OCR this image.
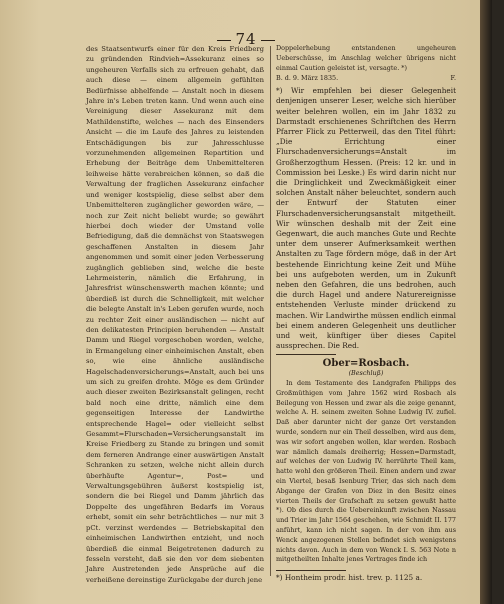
74

des Staatsentwurfs einer für den Kreis Friedberg zu gründenden Rindvieh=Assekuranz eines so ungeheuren Verfalls sich zu erfreuen gehabt, daß auch diese — einem allgemein gefühlten Bedürfnisse abhelfende — Anstalt noch in diesem Jahre in's Leben treten kann. Und wenn auch eine Vereinigung dieser Assekuranz mit dem Mathildenstifte, welches — nach des Einsenders Ansicht — die im Laufe des Jahres zu leistenden Entschädigungen bis zur Jahresschlusse vorzunehmenden allgemeinen Repartition und Erhebung der Beiträge dem Unbemittelteren leihweise hätte verabreichen können, so daß die Verwaltung der fraglichen Assekuranz einfacher und weniger kostspielig, diese selbst aber dem Unbemittelteren zugänglicher geworden wäre, — noch zur Zeit nicht beliebt wurde; so gewährt hierbei doch wieder der Umstand volle Befriedigung, daß die demnächst von Staatswegen geschaffenen Anstalten in diesem Jahr angenommen und somit einer jeden Verbesserung zugänglich geblieben sind, welche die beste Lehrmeisterin, nämlich die Erfahrung, in Jahresfrist wünschenswerth machen könnte; und überdieß ist durch die Schnelligkeit, mit welcher die belegte Anstalt in's Leben gerufen wurde, noch zu rechter Zeit einer ausländischen — nicht auf den delikatesten Principien beruhenden — Anstalt Damm und Riegel vorgeschoben worden, welche, in Ermangelung einer einheimischen Anstalt, eben so, wie eine ähnliche ausländische Hagelschadenversicherungs=Anstalt, auch bei uns um sich zu greifen drohte. Möge es dem Gründer auch dieser zweiten Bezirksanstalt gelingen, recht bald noch eine dritte, nämlich eine dem gegenseitigen Interesse der Landwirthe entsprechende Hagel= oder vielleicht selbst Gesammt=Flurschaden=Versicherungsanstalt im Kreise Friedberg zu Stande zu bringen und somit dem ferneren Andrange einer auswärtigen Anstalt Schranken zu setzen, welche nicht allein durch überhäufte Agentur=, Post= und Verwaltungsgebühren äußerst kostspielig ist, sondern die bei Riegel und Damm jährlich das Doppelte des ungefähren Bedarfs im Voraus erhebt, somit ein sehr beträchtliches — nur mit 3 pCt. verzinst werdendes — Betriebskapital den einheimischen Landwirthen entzieht, und noch überdieß die einmal Beigetretenen dadurch zu fesseln versteht, daß sie den vor dem siebenten Jahre Austretenden jede Ansprüche auf die verheißene dereinstige Zurückgabe der durch jene

Doppelerhebung entstandenen ungeheuren Ueberschüsse, im Anschlag welcher übrigens nicht einmal Caution geleistet ist, versagte. *)

B. d. 9. März 1835.	F.

*) Wir empfehlen bei dieser Gelegenheit denjenigen unserer Leser, welche sich hierüber weiter belehren wollen, ein im Jahr 1832 zu Darmstadt erschienenes Schriftchen des Herrn Pfarrer Flick zu Petterweil, das den Titel führt: „Die Errichtung einer Flurschadenversicherungs=Anstalt im Großherzogthum Hessen. (Preis: 12 kr. und in Commission bei Leske.) Es wird darin nicht nur die Dringlichkeit und Zweckmäßigkeit einer solchen Anstalt näher beleuchtet, sondern auch der Entwurf der Statuten einer Flurschadenversicherungsanstalt mitgetheilt. Wir wünschen deshalb mit der Zeit eine Gegenwart, die auch manches Gute und Rechte unter dem unserer Aufmerksamkeit werthen Anstalten zu Tage fördern möge, daß in der Art bestehende Einrichtung keine Zeit und Mühe bei uns aufgeboten werden, um in Zukunft neben den Gefahren, die uns bedrohen, auch die durch Hagel und andere Naturereignisse entstehenden Verluste minder drückend zu machen. Wir Landwirthe müssen endlich einmal bei einem anderen Gelegenheit uns deutlicher und weit, künftiger über dieses Capitel aussprechen. Die Red.

Ober=Rosbach.

(Beschluß)

In dem Testamente des Landgrafen Philipps des Großmüthigen vom Jahre 1562 wird Rosbach als Beilegung von Hessen und zwar als die zeige genannt, welche A. H. seinem zweiten Sohne Ludwig IV. zufiel. Daß aber darunter nicht der ganze Ort verstanden wurde, sondern nur ein Theil desselben, wird aus dem, was wir sofort angeben wollen, klar werden. Rosbach war nämlich damals dreiherrig; Hessen=Darmstadt, auf welches der von Ludwig IV. herrührte Theil kam, hatte wohl den größeren Theil. Einen andern und zwar ein Viertel, besaß Isenburg Trier, das sich nach dem Abgange der Grafen von Diez in den Besitz eines vierten Theils der Grafschaft zu setzen gewußt hatte *). Ob dies durch die Uebereinkunft zwischen Nassau und Trier im Jahr 1564 geschehen, wie Schmidt II. 177 anführt, kann ich nicht sagen. In der von ihm aus Wenck angezogenen Stellen befindet sich wenigstens nichts davon. Auch in dem von Wenck I. S. 563 Note n mitgetheilten Inhalte jenes Vertrages finde ich

*) Hontheim prodr. hist. trev. p. 1125 a.
